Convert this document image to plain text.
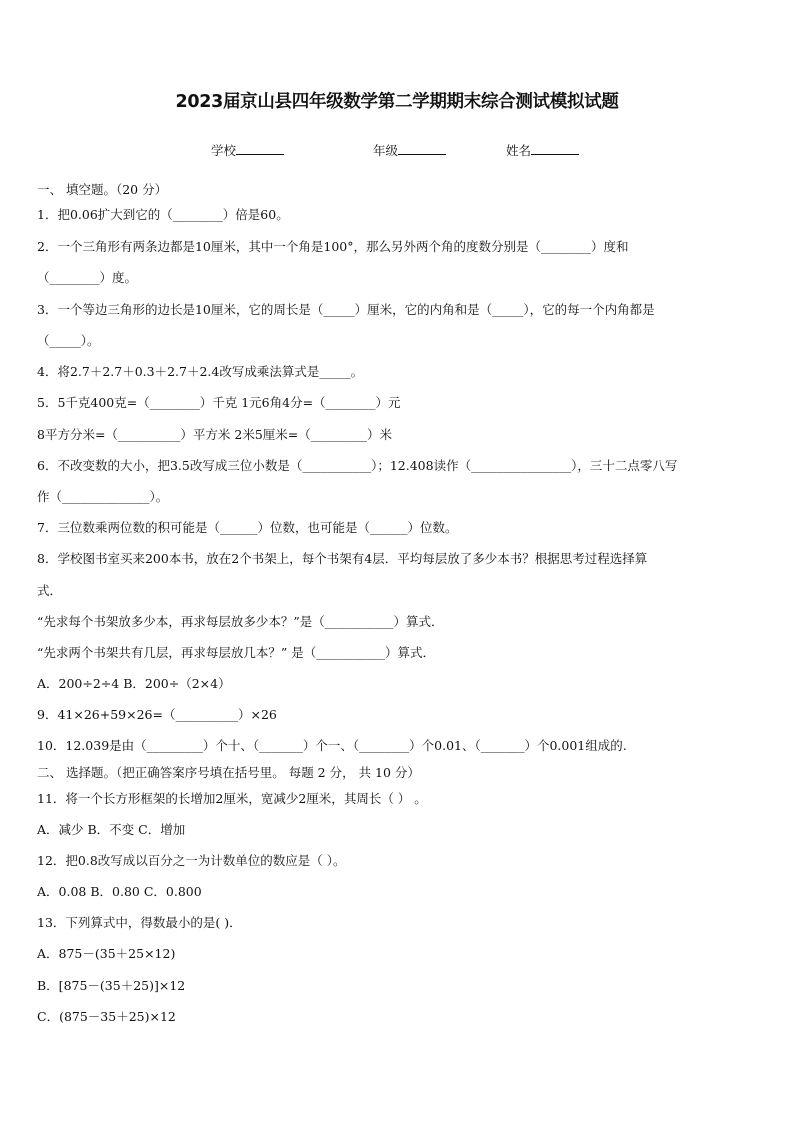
2023届京山县四年级数学第二学期期末综合测试模拟试题
学校	年级	姓名
一、 填空题。（20 分）
1．把0.06扩大到它的（________）倍是60。
2．一个三角形有两条边都是10厘米，其中一个角是100°，那么另外两个角的度数分别是（________）度和
（________）度。
3．一个等边三角形的边长是10厘米，它的周长是（_____）厘米，它的内角和是（_____），它的每一个内角都是
（_____）。
4．将2.7＋2.7＋0.3＋2.7＋2.4改写成乘法算式是_____。
5．5千克400克=（________）千克 1元6角4分=（________）元
8平方分米=（__________）平方米 2米5厘米=（_________）米
6．不改变数的大小，把3.5改写成三位小数是（___________）；12.408读作（________________），三十二点零八写
作（______________）。
7．三位数乘两位数的积可能是（______）位数，也可能是（______）位数。
8．学校图书室买来200本书，放在2个书架上，每个书架有4层．平均每层放了多少本书？根据思考过程选择算
式．
“先求每个书架放多少本，再求每层放多少本？”是（___________）算式．
“先求两个书架共有几层，再求每层放几本？” 是（___________）算式．
A．200÷2÷4 B．200÷（2×4）
9．41×26+59×26=（__________）×26
10．12.039是由（_________）个十、（_______）个一、（________）个0.01、（_______）个0.001组成的.
二、 选择题。（把正确答案序号填在括号里。 每题 2 分， 共 10 分）
11．将一个长方形框架的长增加2厘米，宽减少2厘米，其周长（ ） 。
A．减少 B．不变 C．增加
12．把0.8改写成以百分之一为计数单位的数应是（ ）。
A．0.08 B．0.80 C．0.800
13．下列算式中，得数最小的是( )．
A．875－(35＋25×12)
B．[875－(35＋25)]×12
C．(875－35＋25)×12
